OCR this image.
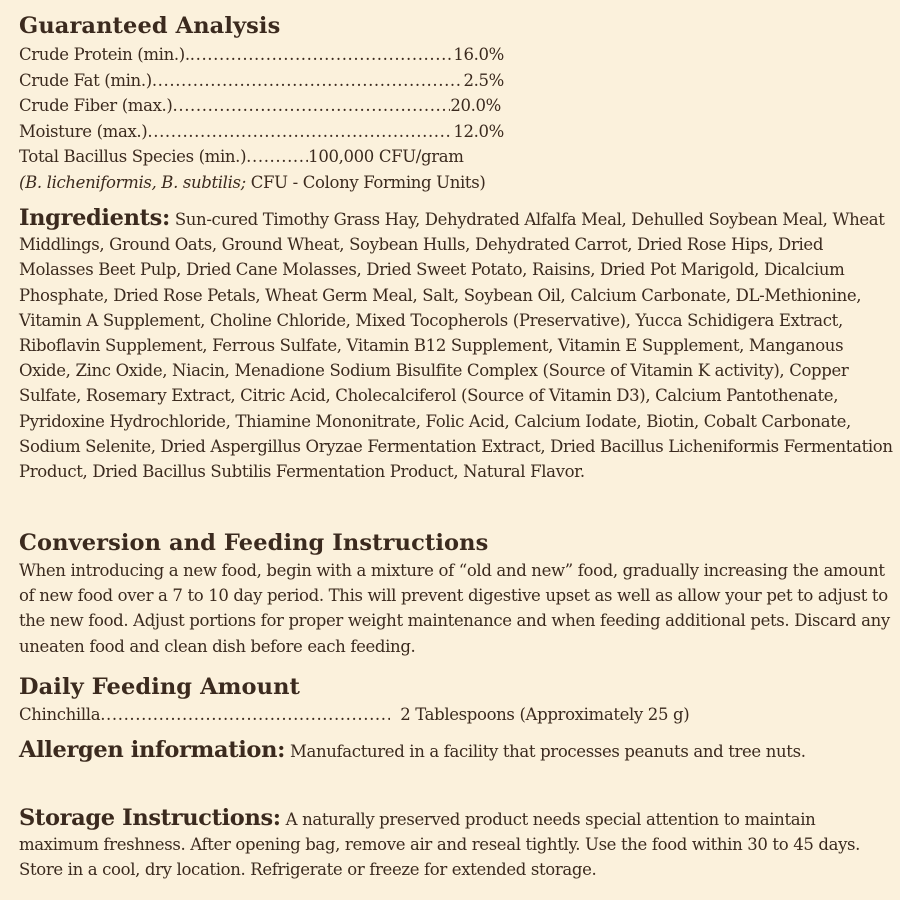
Guaranteed Analysis
Crude Protein (min.). .....	16.0%
Crude Fat (min.) .....	2.5%
Crude Fiber (max.) .....	20.0%
Moisture (max.) .....	12.0%
Total Bacillus Species (min.) .....	100,000 CFU/gram
(B. licheniformis, B. subtilis; CFU - Colony Forming Units)
Ingredients: Sun-cured Timothy Grass Hay, Dehydrated Alfalfa Meal, Dehulled Soybean Meal, Wheat Middlings, Ground Oats, Ground Wheat, Soybean Hulls, Dehydrated Carrot, Dried Rose Hips, Dried Molasses Beet Pulp, Dried Cane Molasses, Dried Sweet Potato, Raisins, Dried Pot Marigold, Dicalcium Phosphate, Dried Rose Petals, Wheat Germ Meal, Salt, Soybean Oil, Calcium Carbonate, DL-Methionine, Vitamin A Supplement, Choline Chloride, Mixed Tocopherols (Preservative), Yucca Schidigera Extract, Riboflavin Supplement, Ferrous Sulfate, Vitamin B12 Supplement, Vitamin E Supplement, Manganous Oxide, Zinc Oxide, Niacin, Menadione Sodium Bisulfite Complex (Source of Vitamin K activity), Copper Sulfate, Rosemary Extract, Citric Acid, Cholecalciferol (Source of Vitamin D3), Calcium Pantothenate, Pyridoxine Hydrochloride, Thiamine Mononitrate, Folic Acid, Calcium Iodate, Biotin, Cobalt Carbonate, Sodium Selenite, Dried Aspergillus Oryzae Fermentation Extract, Dried Bacillus Licheniformis Fermentation Product, Dried Bacillus Subtilis Fermentation Product, Natural Flavor.
Conversion and Feeding Instructions
When introducing a new food, begin with a mixture of “old and new” food, gradually increasing the amount of new food over a 7 to 10 day period. This will prevent digestive upset as well as allow your pet to adjust to the new food. Adjust portions for proper weight maintenance and when feeding additional pets. Discard any uneaten food and clean dish before each feeding.
Daily Feeding Amount
Chinchilla .....	2 Tablespoons (Approximately 25 g)
Allergen information: Manufactured in a facility that processes peanuts and tree nuts.
Storage Instructions: A naturally preserved product needs special attention to maintain maximum freshness. After opening bag, remove air and reseal tightly. Use the food within 30 to 45 days. Store in a cool, dry location. Refrigerate or freeze for extended storage.
